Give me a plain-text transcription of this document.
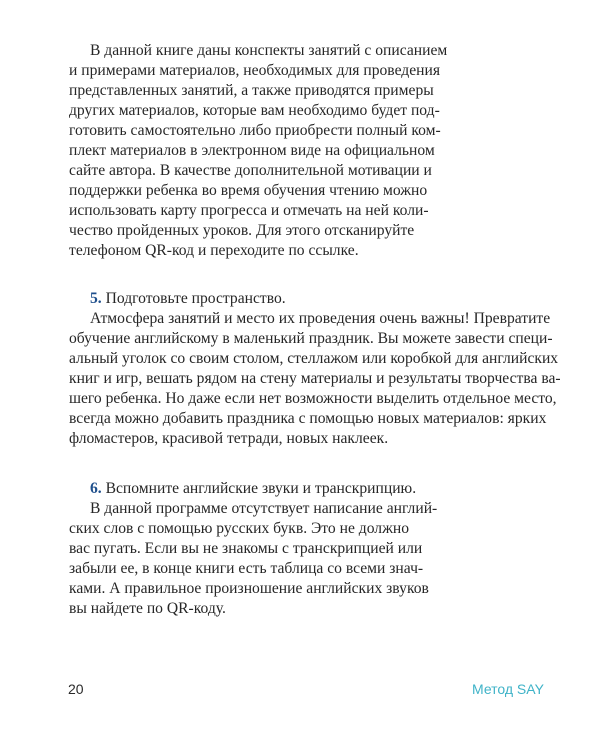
В данной книге даны конспекты занятий с описанием
и примерами материалов, необходимых для проведения
представленных занятий, а также приводятся примеры
других материалов, которые вам необходимо будет под-
готовить самостоятельно либо приобрести полный ком-
плект материалов в электронном виде на официальном
сайте автора. В качестве дополнительной мотивации и
поддержки ребенка во время обучения чтению можно
использовать карту прогресса и отмечать на ней коли-
чество пройденных уроков. Для этого отсканируйте
телефоном QR-код и переходите по ссылке.
5. Подготовьте пространство.
Атмосфера занятий и место их проведения очень важны! Превратите
обучение английскому в маленький праздник. Вы можете завести специ-
альный уголок со своим столом, стеллажом или коробкой для английских
книг и игр, вешать рядом на стену материалы и результаты творчества ва-
шего ребенка. Но даже если нет возможности выделить отдельное место,
всегда можно добавить праздника с помощью новых материалов: ярких
фломастеров, красивой тетради, новых наклеек.
6. Вспомните английские звуки и транскрипцию.
В данной программе отсутствует написание англий-
ских слов с помощью русских букв. Это не должно
вас пугать. Если вы не знакомы с транскрипцией или
забыли ее, в конце книги есть таблица со всеми знач-
ками. А правильное произношение английских звуков
вы найдете по QR-коду.
20	Метод SAY
